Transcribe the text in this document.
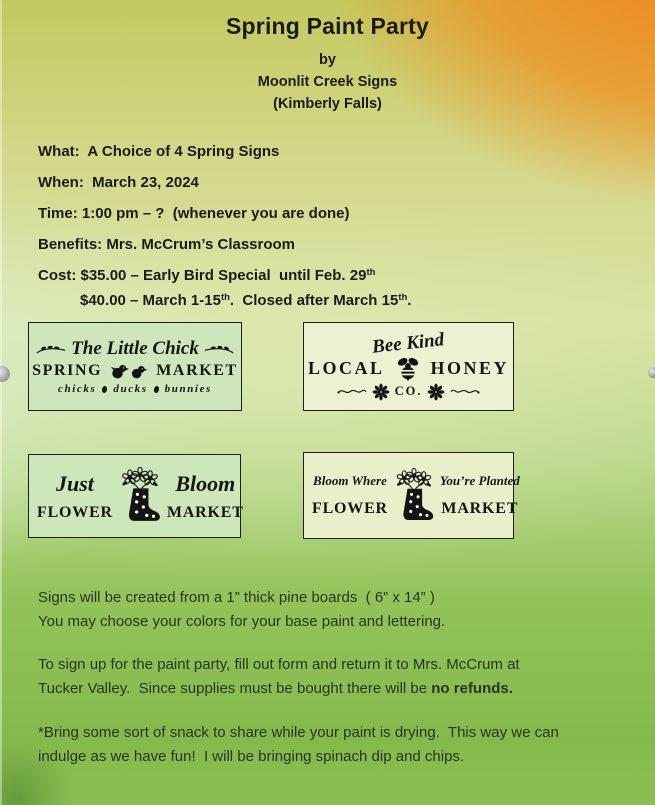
Spring Paint Party
by
Moonlit Creek Signs
(Kimberly Falls)
What:  A Choice of 4 Spring Signs
When:  March 23, 2024
Time: 1:00 pm – ?  (whenever you are done)
Benefits: Mrs. McCrum’s Classroom
Cost: $35.00 – Early Bird Special  until Feb. 29th
$40.00 – March 1-15th.  Closed after March 15th.
The Little Chick
SPRING	MARKET
chicks ducks bunnies
Bee Kind
LOCAL	HONEY
CO.
Just	Bloom
FLOWER	MARKET
Bloom Where	You’re Planted
FLOWER	MARKET
Signs will be created from a 1” thick pine boards  ( 6” x 14” )
You may choose your colors for your base paint and lettering.
To sign up for the paint party, fill out form and return it to Mrs. McCrum at
Tucker Valley.  Since supplies must be bought there will be no refunds.
*Bring some sort of snack to share while your paint is drying.  This way we can
indulge as we have fun!  I will be bringing spinach dip and chips.
